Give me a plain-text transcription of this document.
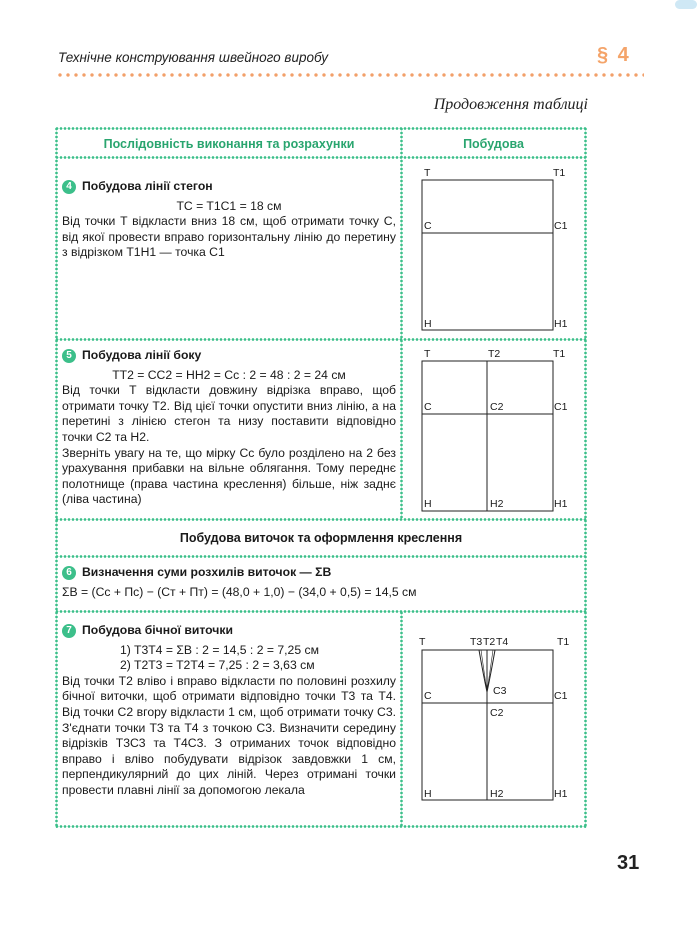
Технічне конструювання швейного виробу	§ 4
Продовження таблиці
Послідовність виконання та розрахунки	Побудова
4 Побудова лінії стегон
TC = T1C1 = 18 см
Від точки T відкласти вниз 18 см, щоб отримати точку C, від якої провести вправо горизонтальну лінію до перетину з відрізком T1H1 — точка C1
T	T1
C	C1
H	H1
5 Побудова лінії боку
TT2 = CC2 = HH2 = Cc : 2 = 48 : 2 = 24 см
Від точки T відкласти довжину відрізка вправо, щоб отримати точку T2. Від цієї точки опустити вниз лінію, а на перетині з лінією стегон та низу поставити відповідно точки C2 та H2.
Зверніть увагу на те, що мірку Cc було розділено на 2 без урахування прибавки на вільне облягання. Тому переднє полотнище (права частина креслення) більше, ніж заднє (ліва частина)
T	T2	T1
C	C2	C1
H	H2	H1
Побудова виточок та оформлення креслення
6 Визначення суми розхилів виточок — ΣB
ΣB = (Cc + Пc) − (Cт + Пт) = (48,0 + 1,0) − (34,0 + 0,5) = 14,5 см
7 Побудова бічної виточки
1) T3T4 = ΣB : 2 = 14,5 : 2 = 7,25 см
2) T2T3 = T2T4 = 7,25 : 2 = 3,63 см
Від точки T2 вліво і вправо відкласти по половині розхилу бічної виточки, щоб отримати відповідно точки T3 та T4. Від точки C2 вгору відкласти 1 см, щоб отримати точку C3. З'єднати точки T3 та T4 з точкою C3. Визначити середину відрізків T3C3 та T4C3. З отриманих точок відповідно вправо і вліво побудувати відрізок завдовжки 1 см, перпендикулярний до цих ліній. Через отримані точки провести плавні лінії за допомогою лекала
T	T3 T2 T4	T1
C3
C
C2
C1
H	H2	H1
31
